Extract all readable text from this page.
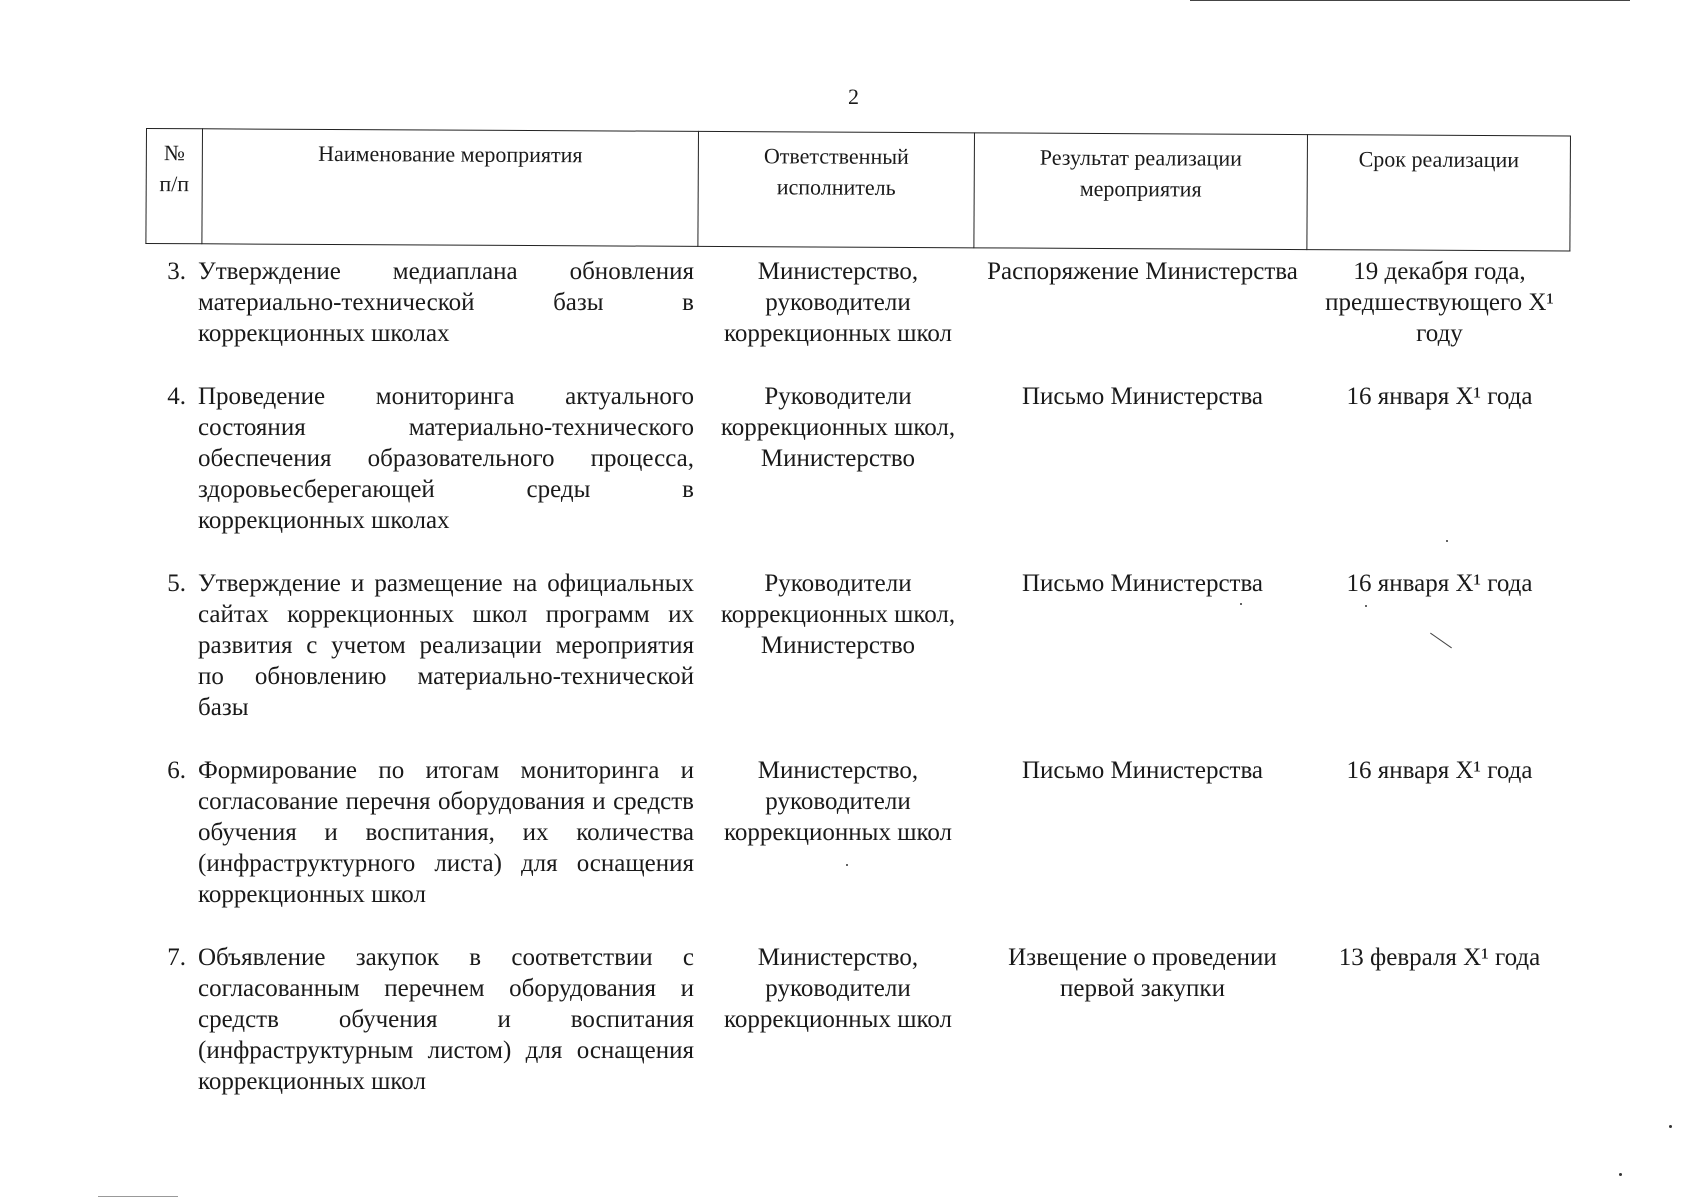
2
№ п/п	Наименование мероприятия	Ответственный исполнитель	Результат реализации мероприятия	Срок реализации
3.	Утверждение медиаплана обновления материально-технической базы в коррекционных школах	Министерство, руководители коррекционных школ	Распоряжение Министерства	19 декабря года, предшествующего X¹ году
4.	Проведение мониторинга актуального состояния материально-технического обеспечения образовательного процесса, здоровьесберегающей среды в коррекционных школах	Руководители коррекционных школ, Министерство	Письмо Министерства	16 января X¹ года
5.	Утверждение и размещение на официальных сайтах коррекционных школ программ их развития с учетом реализации мероприятия по обновлению материально-технической базы	Руководители коррекционных школ, Министерство	Письмо Министерства	16 января X¹ года
6.	Формирование по итогам мониторинга и согласование перечня оборудования и средств обучения и воспитания, их количества (инфраструктурного листа) для оснащения коррекционных школ	Министерство, руководители коррекционных школ	Письмо Министерства	16 января X¹ года
7.	Объявление закупок в соответствии с согласованным перечнем оборудования и средств обучения и воспитания (инфраструктурным листом) для оснащения коррекционных школ	Министерство, руководители коррекционных школ	Извещение о проведении первой закупки	13 февраля X¹ года
